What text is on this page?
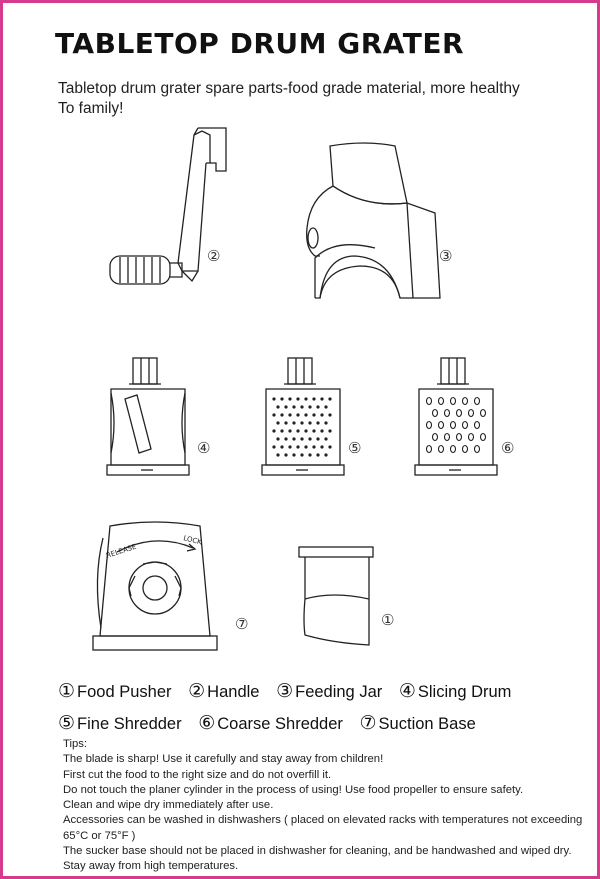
TABLETOP DRUM GRATER
Tabletop drum grater spare parts-food grade material, more healthy
To family!
②	③
④	⑤	⑥
RELEASE
LOCK
⑦	①
① Food Pusher ② Handle ③ Feeding Jar ④ Slicing Drum
⑤ Fine Shredder ⑥ Coarse Shredder ⑦ Suction Base
Tips:
The blade is sharp! Use it carefully and stay away from children!
First cut the food to the right size and do not overfill it.
Do not touch the planer cylinder in the process of using! Use food propeller to ensure safety.
Clean and wipe dry immediately after use.
Accessories can be washed in dishwashers ( placed on elevated racks with temperatures not exceeding 65°C or 75°F )
The sucker base should not be placed in dishwasher for cleaning, and be handwashed and wiped dry.
Stay away from high temperatures.
